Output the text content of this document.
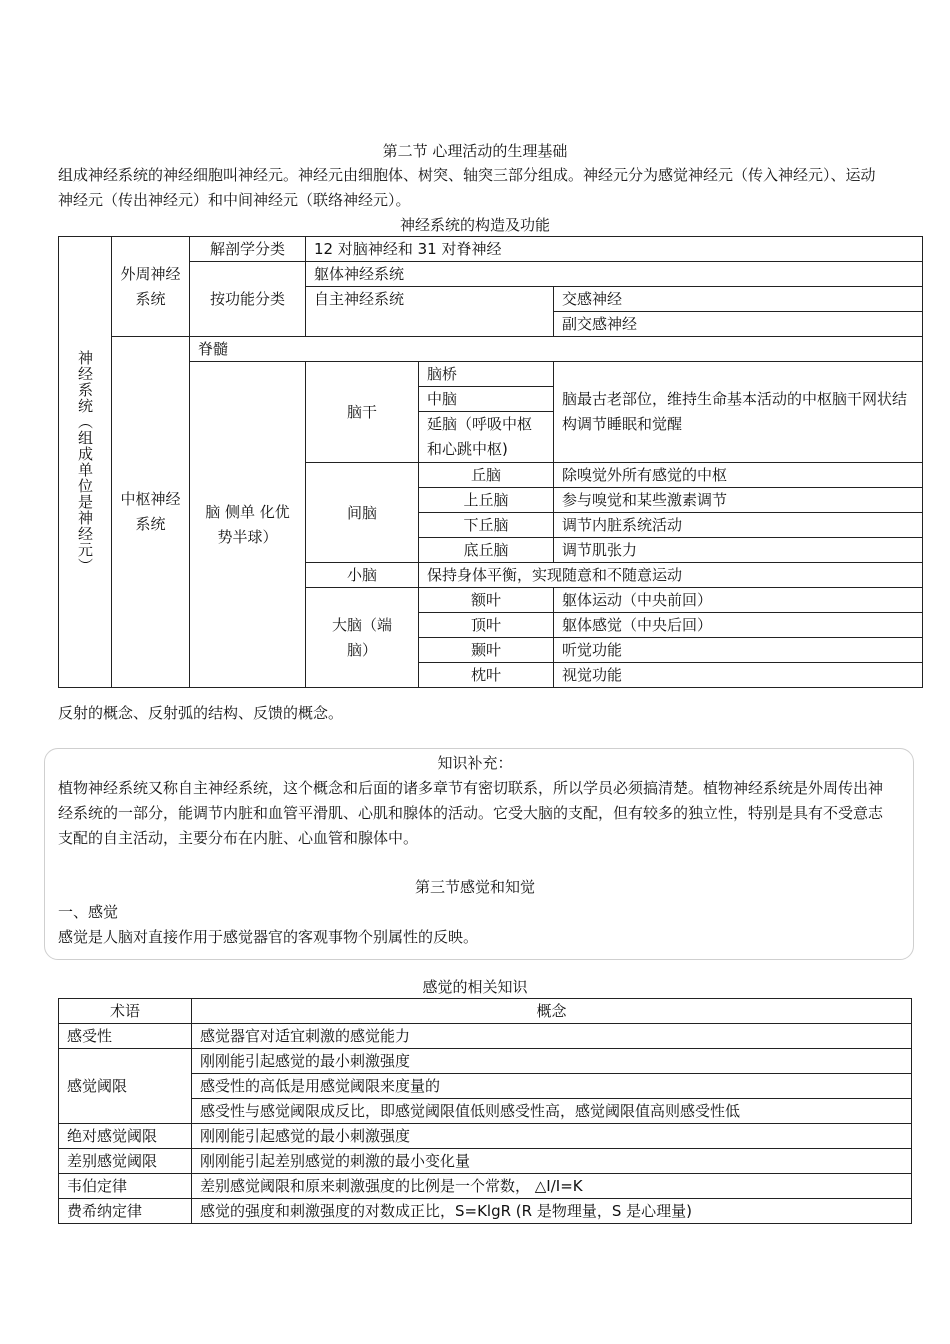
第二节 心理活动的生理基础
组成神经系统的神经细胞叫神经元。神经元由细胞体、树突、轴突三部分组成。神经元分为感觉神经元（传入神经元）、运动神经元（传出神经元）和中间神经元（联络神经元）。
神经系统的构造及功能
神经系统（组成单位是神经元）	外周神经系统	解剖学分类	12 对脑神经和 31 对脊神经		
		按功能分类	躯体神经系统		
			自主神经系统		交感神经
					副交感神经
	中枢神经系统	脊髓			
		脑 侧单 化优势半球）	脑干	脑桥	脑最古老部位，维持生命基本活动的中枢脑干网状结构调节睡眠和觉醒
				中脑	
				延脑（呼吸中枢和心跳中枢)	

			间脑	丘脑	除嗅觉外所有感觉的中枢
				上丘脑	参与嗅觉和某些激素调节
				下丘脑	调节内脏系统活动
				底丘脑	调节肌张力
			小脑	保持身体平衡，实现随意和不随意运动	
			大脑（端脑）	额叶	躯体运动（中央前回）
				顶叶	躯体感觉（中央后回）
				颞叶	听觉功能
				枕叶	视觉功能
反射的概念、反射弧的结构、反馈的概念。
知识补充：
植物神经系统又称自主神经系统，这个概念和后面的诸多章节有密切联系，所以学员必须搞清楚。植物神经系统是外周传出神经系统的一部分，能调节内脏和血管平滑肌、心肌和腺体的活动。它受大脑的支配，但有较多的独立性，特别是具有不受意志支配的自主活动，主要分布在内脏、心血管和腺体中。
第三节感觉和知觉
一、感觉
感觉是人脑对直接作用于感觉器官的客观事物个别属性的反映。
感觉的相关知识
术语	概念
感受性	感觉器官对适宜刺激的感觉能力
感觉阈限	刚刚能引起感觉的最小刺激强度
	感受性的高低是用感觉阈限来度量的
	感受性与感觉阈限成反比，即感觉阈限值低则感受性高，感觉阈限值高则感受性低
绝对感觉阈限	刚刚能引起感觉的最小刺激强度
差别感觉阈限	刚刚能引起差别感觉的刺激的最小变化量
韦伯定律	差别感觉阈限和原来刺激强度的比例是一个常数， △I/I=K
费希纳定律	感觉的强度和刺激强度的对数成正比，S=KlgR (R 是物理量，S 是心理量)
